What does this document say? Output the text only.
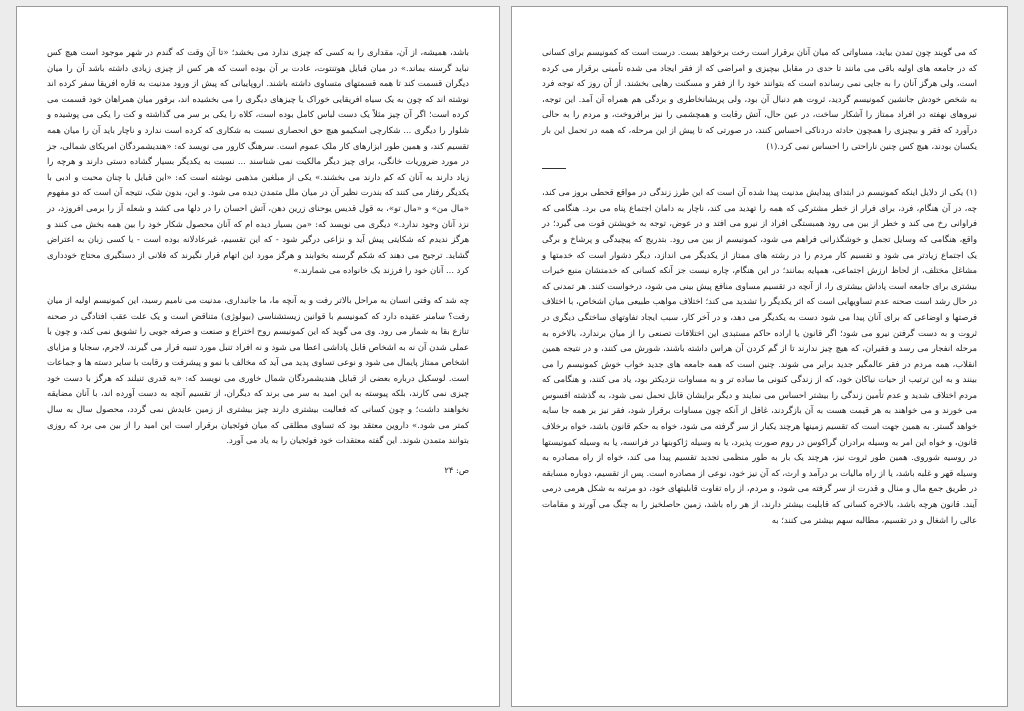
که می گویند چون تمدن بیاید، مساواتی که میان آنان برقرار است رخت برخواهد بست. درست است که کمونیسم برای کسانی که در جامعه های اولیه باقی می مانند تا حدی در مقابل بیچیزی و امراضی که از فقر ایجاد می شده تأمینی برقرار می کرده است، ولی هرگز آنان را به جایی نمی رسانده است که بتوانند خود را از فقر و مسکنت رهایی بخشند. از آن روز که توجه فرد به شخص خودش جانشین کمونیسم گردید، ثروت هم دنبال آن بود، ولی پریشانخاطری و بردگی هم همراه آن آمد. این توجه، نیروهای نهفته در افراد ممتاز را آشکار ساخت، در عین حال، آتش رقابت و همچشمی را نیز برافروخت، و مردم را به حالی درآورد که فقر و بیچیزی را همچون حادثه دردناکی احساس کنند، در صورتی که تا پیش از این مرحله، که همه در تحمل این بار یکسان بودند، هیچ کس چنین ناراحتی را احساس نمی کرد.(۱)

(۱) یکی از دلایل اینکه کمونیسم در ابتدای پیدایش مدنیت پیدا شده آن است که این طرز زندگی در مواقع قحطی بروز می کند، چه، در آن هنگام، فرد، برای فرار از خطر مشترکی که همه را تهدید می کند، ناچار به دامان اجتماع پناه می برد. هنگامی که فراوانی رخ می کند و خطر از بین می رود همبستگی افراد از نیرو می افتد و در عوض، توجه به خویشتن قوت می گیرد؛ در واقع، هنگامی که وسایل تجمل و خوشگذرانی فراهم می شود، کمونیسم از بین می رود. بتدریج که پیچیدگی و پرشاخ و برگی یک اجتماع زیادتر می شود و تقسیم کار مردم را در رشته های ممتاز از یکدیگر می اندازد، دیگر دشوار است که خدمتها و مشاغل مختلف، از لحاظ ارزش اجتماعی، همپایه بمانند؛ در این هنگام، چاره نیست جز آنکه کسانی که خدمتشان منبع خیرات بیشتری برای جامعه است پاداش بیشتری را، از آنچه در تقسیم مساوی منافع پیش بینی می شود، درخواست کنند. هر تمدنی که در حال رشد است صحنه عدم تساویهایی است که اثر یکدیگر را تشدید می کند؛ اختلاف مواهب طبیعی میان اشخاص، با اختلاف فرصتها و اوضاعی که برای آنان پیدا می شود دست به یکدیگر می دهد، و در آخر کار، سبب ایجاد تفاوتهای ساختگی دیگری در ثروت و به دست گرفتن نیرو می شود؛ اگر قانون یا اراده حاکم مستبدی این اختلافات تصنعی را از میان برندارد، بالاخره به مرحله انفجار می رسد و فقیران، که هیچ چیز ندارند تا از گم کردن آن هراس داشته باشند، شورش می کنند، و در نتیجه همین انقلاب، همه مردم در فقر عالمگیر جدید برابر می شوند. چنین است که همه جامعه های جدید خواب خوش کمونیسم را می بینند و به این ترتیب از حیات نیاکان خود، که از زندگی کنونی ما ساده تر و به مساوات نزدیکتر بود، یاد می کنند، و هنگامی که مردم اختلاف شدید و عدم تأمین زندگی را بیشتر احساس می نمایند و دیگر برایشان قابل تحمل نمی شود، به گذشته افسوس می خورند و می خواهند به هر قیمت هست به آن بازگردند، غافل از آنکه چون مساوات برقرار شود، فقر نیز بر همه جا سایه خواهد گستر. به همین جهت است که تقسیم زمینها هرچند یکبار از سر گرفته می شود، خواه به حکم قانون باشد، خواه برخلاف قانون، و خواه این امر به وسیله برادران گراکوس در روم صورت پذیرد، یا به وسیله ژاکوبنها در فرانسه، یا به وسیله کمونیستها در روسیه شوروی. همین طور ثروت نیز، هرچند یک بار به طور منظمی تجدید تقسیم پیدا می کند، خواه از راه مصادره به وسیله قهر و غلبه باشد، یا از راه مالیات بر درآمد و ارث، که آن نیز خود، نوعی از مصادره است. پس از تقسیم، دوباره مسابقه در طریق جمع مال و منال و قدرت از سر گرفته می شود، و مردم، از راه تفاوت قابلیتهای خود، دو مرتبه به شکل هرمی درمی آیند. قانون هرچه باشد، بالاخره کسانی که قابلیت بیشتر دارند، از هر راه باشد، زمین حاصلخیز را به چنگ می آورند و مقامات عالی را اشغال و در تقسیم، مطالبه سهم بیشتر می کنند؛ به

باشد، همیشه، از آن، مقداری را به کسی که چیزی ندارد می بخشد؛ «تا آن وقت که گندم در شهر موجود است هیچ کس نباید گرسنه بماند.» در میان قبایل هوتنتوت، عادت بر آن بوده است که هر کس از چیزی زیادی داشته باشد آن را میان دیگران قسمت کند تا همه قسمتهای متساوی داشته باشند. اروپاییانی که پیش از ورود مدنیت به قاره افریقا سفر کرده اند نوشته اند که چون به یک سیاه افریقایی خوراک یا چیزهای دیگری را می بخشیده اند، برفور میان همراهان خود قسمت می کرده است؛ اگر آن چیز مثلاً یک دست لباس کامل بوده است، کلاه را یکی بر سر می گذاشته و کت را یکی می پوشیده و شلوار را دیگری ... شکارچی اسکیمو هیچ حق انحصاری نسبت به شکاری که کرده است ندارد و ناچار باید آن را میان همه تقسیم کند، و همین طور ابزارهای کار ملک عموم است. سرهنگ کارور می نویسد که: «هندیشمردگان امریکای شمالی، جز در مورد ضروریات خانگی، برای چیز دیگر مالکیت نمی شناسند ... نسبت به یکدیگر بسیار گشاده دستی دارند و هرچه را زیاد دارند به آنان که کم دارند می بخشند.» یکی از مبلغین مذهبی نوشته است که: «این قبایل با چنان محبت و ادبی با یکدیگر رفتار می کنند که بندرت نظیر آن در میان ملل متمدن دیده می شود. و این، بدون شک، نتیجه آن است که دو مفهوم «مال من» و «مال تو»، به قول قدیس یوحنای زرین دهن، آتش احسان را در دلها می کشد و شعله آز را برمی افروزد، در نزد آنان وجود ندارد.» دیگری می نویسد که: «من بسیار دیده ام که آنان محصول شکار خود را بین همه بخش می کنند و هرگز ندیدم که شکایتی پیش آید و نزاعی درگیر شود - که این تقسیم، غیرعادلانه بوده است - یا کسی زبان به اعتراض گشاید. ترجیح می دهند که شکم گرسنه بخوابند و هرگز مورد این اتهام قرار نگیرند که فلانی از دستگیری محتاج خودداری کرد ... آنان خود را فرزند یک خانواده می شمارند.»

چه شد که وقتی انسان به مراحل بالاتر رفت و به آنچه ما، ما جانبداری، مدنیت می نامیم رسید، این کمونیسم اولیه از میان رفت؟ سامنر عقیده دارد که کمونیسم با قوانین زیستشناسی (بیولوژی) متناقض است و یک علت عقب افتادگی در صحنه تنازع بقا به شمار می رود. وی می گوید که این کمونیسم روح اختراع و صنعت و صرفه جویی را تشویق نمی کند، و چون با عملی شدن آن نه به اشخاص قابل پاداشی اعطا می شود و نه افراد تنبل مورد تنبیه قرار می گیرند، لاجرم، سجایا و مزایای اشخاص ممتاز پایمال می شود و نوعی تساوی پدید می آید که مخالف با نمو و پیشرفت و رقابت با سایر دسته ها و جماعات است. لوسکیل درباره بعضی از قبایل هندیشمردگان شمال خاوری می نویسد که: «به قدری تنبلند که هرگز با دست خود چیزی نمی کارند، بلکه پیوسته به این امید به سر می برند که دیگران، از تقسیم آنچه به دست آورده اند، با آنان مضایقه نخواهند داشت؛ و چون کسانی که فعالیت بیشتری دارند چیز بیشتری از زمین عایدش نمی گردد، محصول سال به سال کمتر می شود.» داروین معتقد بود که تساوی مطلقی که میان فوئجیان برقرار است این امید را از بین می برد که روزی بتوانند متمدن شوند. این گفته معتقدات خود فوئجیان را به یاد می آورد.

ص: ۲۴
